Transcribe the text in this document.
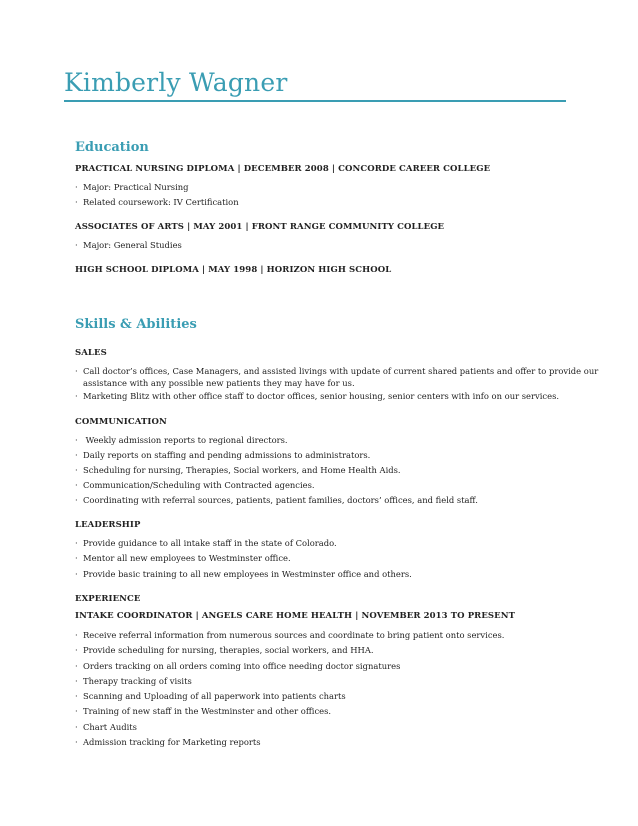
Kimberly Wagner
Education
PRACTICAL NURSING DIPLOMA | DECEMBER 2008 | CONCORDE CAREER COLLEGE
· Major: Practical Nursing
· Related coursework: IV Certification
ASSOCIATES OF ARTS | MAY 2001 | FRONT RANGE COMMUNITY COLLEGE
· Major: General Studies
HIGH SCHOOL DIPLOMA | MAY 1998 | HORIZON HIGH SCHOOL
Skills & Abilities
SALES
· Call doctor’s offices, Case Managers, and assisted livings with update of current shared patients and offer to provide our
assistance with any possible new patients they may have for us.
· Marketing Blitz with other office staff to doctor offices, senior housing, senior centers with info on our services.
COMMUNICATION
· Weekly admission reports to regional directors.
· Daily reports on staffing and pending admissions to administrators.
· Scheduling for nursing, Therapies, Social workers, and Home Health Aids.
· Communication/Scheduling with Contracted agencies.
· Coordinating with referral sources, patients, patient families, doctors’ offices, and field staff.
LEADERSHIP
· Provide guidance to all intake staff in the state of Colorado.
· Mentor all new employees to Westminster office.
· Provide basic training to all new employees in Westminster office and others.
EXPERIENCE
INTAKE COORDINATOR | ANGELS CARE HOME HEALTH | NOVEMBER 2013 TO PRESENT
· Receive referral information from numerous sources and coordinate to bring patient onto services.
· Provide scheduling for nursing, therapies, social workers, and HHA.
· Orders tracking on all orders coming into office needing doctor signatures
· Therapy tracking of visits
· Scanning and Uploading of all paperwork into patients charts
· Training of new staff in the Westminster and other offices.
· Chart Audits
· Admission tracking for Marketing reports
